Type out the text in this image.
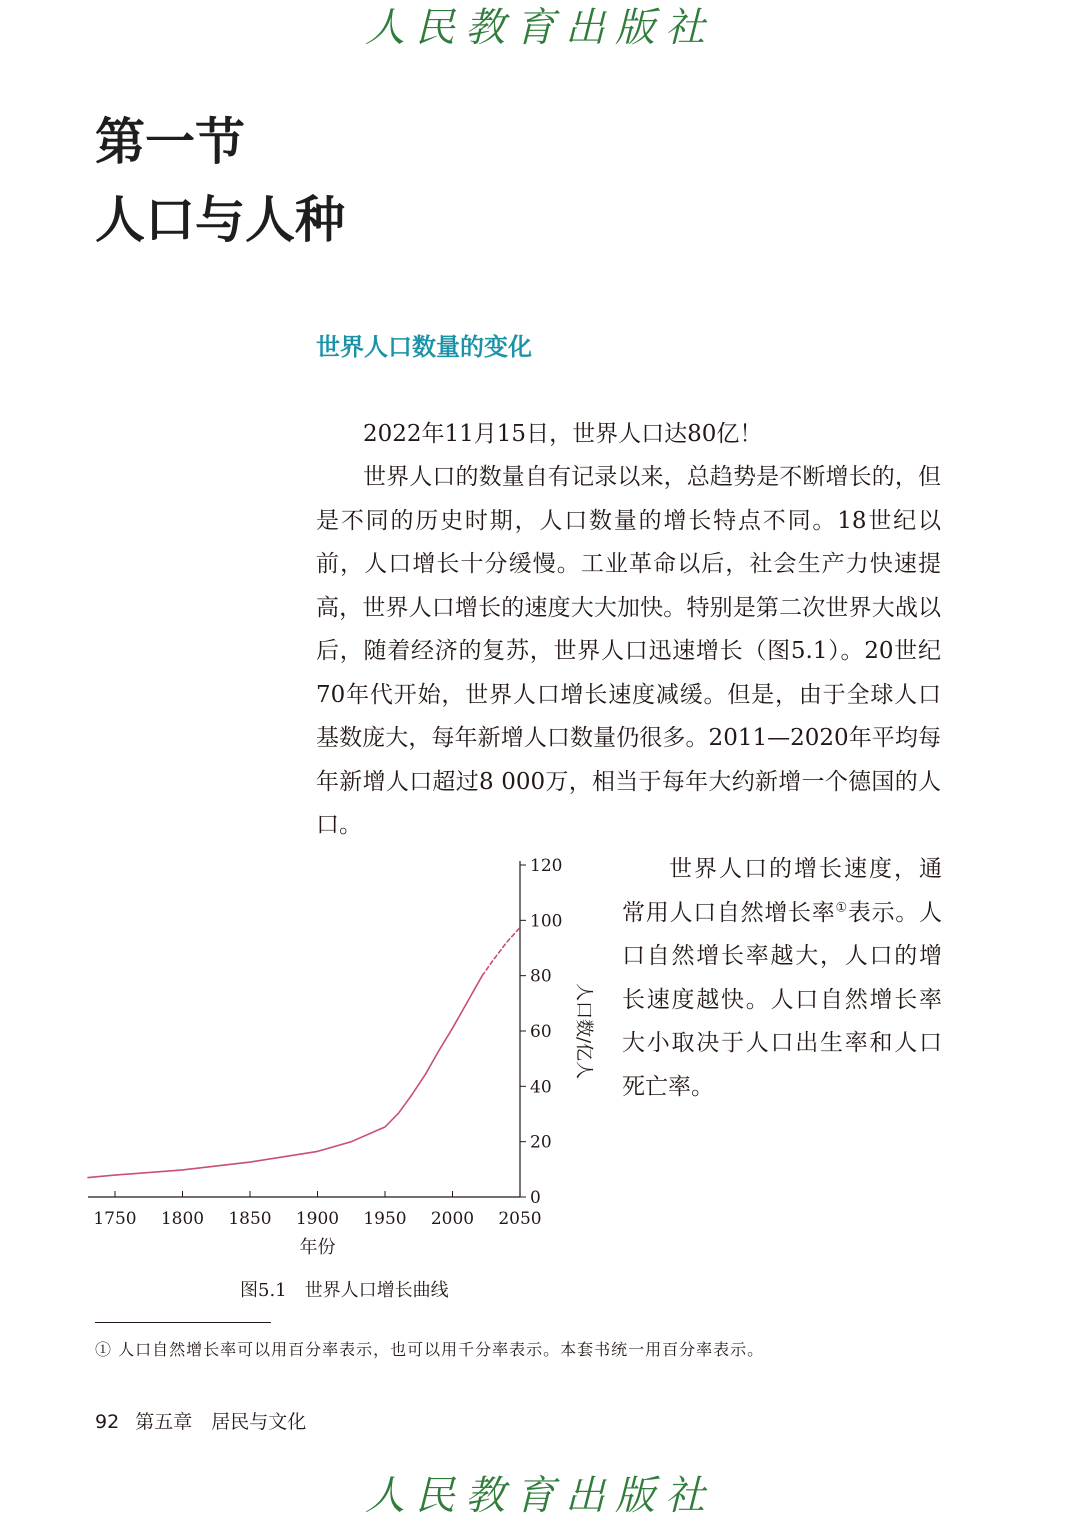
人民教育出版社
第一节
人口与人种
世界人口数量的变化
2022年11月15日，世界人口达80亿！
世界人口的数量自有记录以来，总趋势是不断增长的，但是不同的历史时期，人口数量的增长特点不同。18世纪以前，人口增长十分缓慢。工业革命以后，社会生产力快速提高，世界人口增长的速度大大加快。特别是第二次世界大战以后，随着经济的复苏，世界人口迅速增长（图5.1）。20世纪70年代开始，世界人口增长速度减缓。但是，由于全球人口基数庞大，每年新增人口数量仍很多。2011—2020年平均每年新增人口超过8 000万，相当于每年大约新增一个德国的人口。
世界人口的增长速度，通常用人口自然增长率①表示。人口自然增长率越大，人口的增长速度越快。人口自然增长率大小取决于人口出生率和人口死亡率。
1750 1800 1850 1900 1950 2000 2050
0
20
40
60
80
100
120
年份
人口数/亿人
图5.1　世界人口增长曲线
① 人口自然增长率可以用百分率表示，也可以用千分率表示。本套书统一用百分率表示。
92 第五章　居民与文化
人民教育出版社
